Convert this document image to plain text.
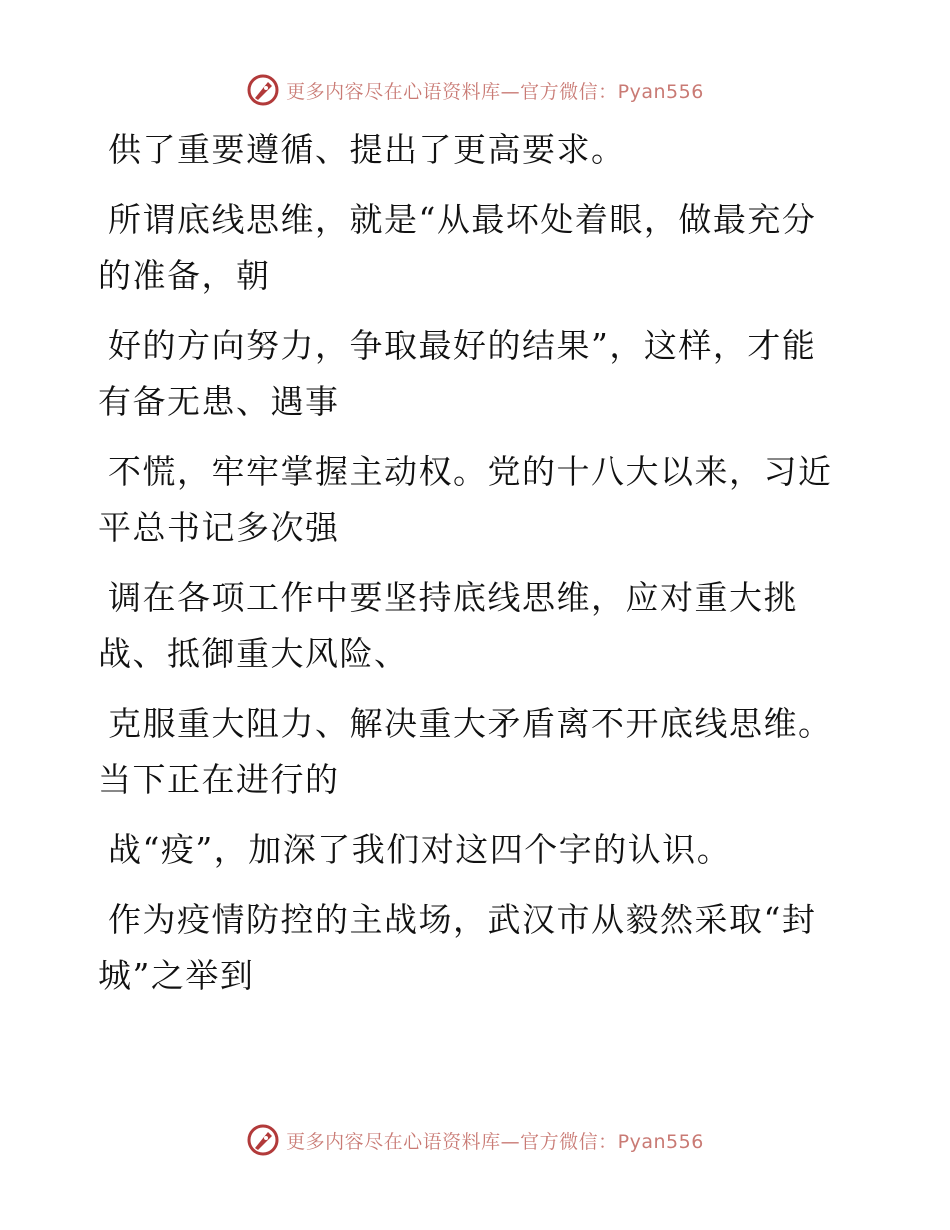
更多内容尽在心语资料库—官方微信：Pyan556

供了重要遵循、提出了更高要求。

所谓底线思维，就是“从最坏处着眼，做最充分
的准备，朝

好的方向努力，争取最好的结果”，这样，才能
有备无患、遇事

不慌，牢牢掌握主动权。党的十八大以来，习近
平总书记多次强

调在各项工作中要坚持底线思维，应对重大挑
战、抵御重大风险、

克服重大阻力、解决重大矛盾离不开底线思维。
当下正在进行的

战“疫”，加深了我们对这四个字的认识。

作为疫情防控的主战场，武汉市从毅然采取“封
城”之举到

更多内容尽在心语资料库—官方微信：Pyan556
